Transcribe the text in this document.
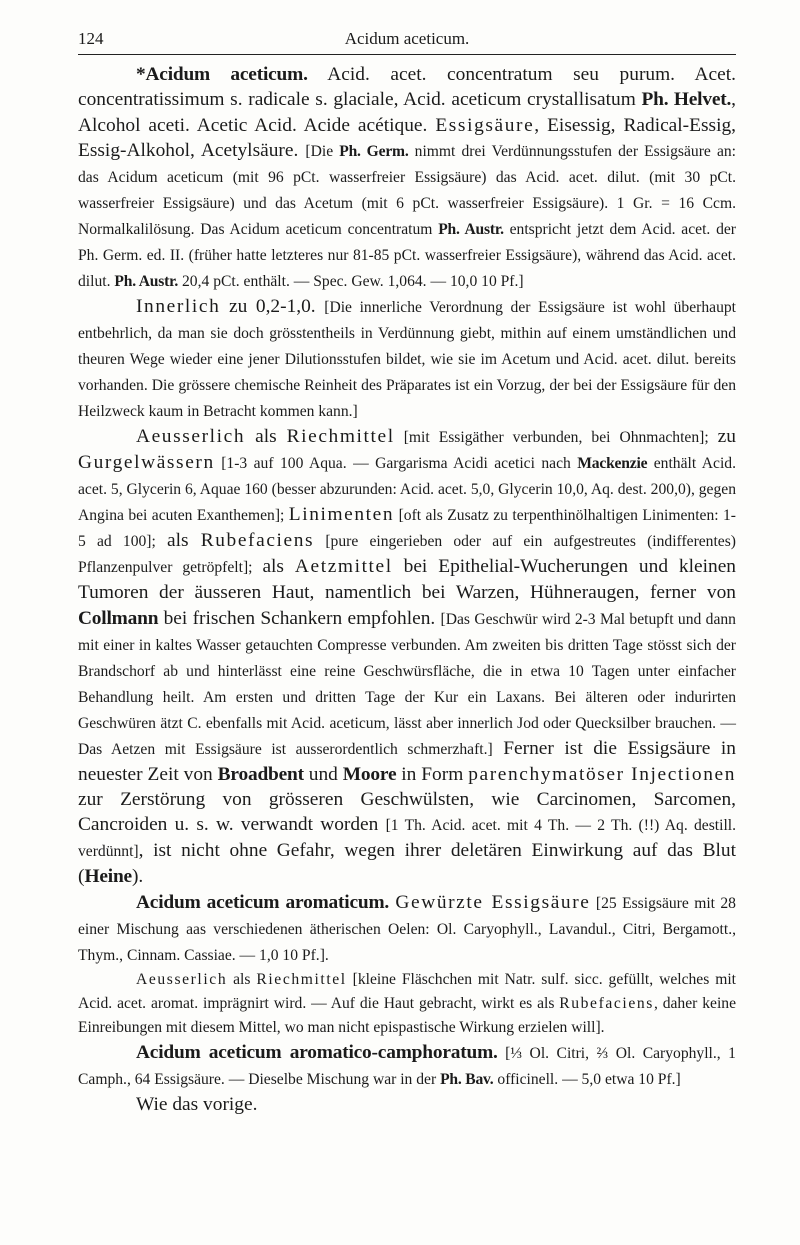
124	Acidum aceticum.

*Acidum aceticum. Acid. acet. concentratum seu purum. Acet. concentratissimum s. radicale s. glaciale, Acid. aceticum crystallisatum Ph. Helvet., Alcohol aceti. Acetic Acid. Acide acétique. Essigsäure, Eisessig, Radical-Essig, Essig-Alkohol, Acetylsäure. [Die Ph. Germ. nimmt drei Verdünnungsstufen der Essigsäure an: das Acidum aceticum (mit 96 pCt. wasserfreier Essigsäure) das Acid. acet. dilut. (mit 30 pCt. wasserfreier Essigsäure) und das Acetum (mit 6 pCt. wasserfreier Essigsäure). 1 Gr. = 16 Ccm. Normalkalilösung. Das Acidum aceticum concentratum Ph. Austr. entspricht jetzt dem Acid. acet. der Ph. Germ. ed. II. (früher hatte letzteres nur 81-85 pCt. wasserfreier Essigsäure), während das Acid. acet. dilut. Ph. Austr. 20,4 pCt. enthält. — Spec. Gew. 1,064. — 10,0 10 Pf.]

Innerlich zu 0,2-1,0. [Die innerliche Verordnung der Essigsäure ist wohl überhaupt entbehrlich, da man sie doch grösstentheils in Verdünnung giebt, mithin auf einem umständlichen und theuren Wege wieder eine jener Dilutionsstufen bildet, wie sie im Acetum und Acid. acet. dilut. bereits vorhanden. Die grössere chemische Reinheit des Präparates ist ein Vorzug, der bei der Essigsäure für den Heilzweck kaum in Betracht kommen kann.]

Aeusserlich als Riechmittel [mit Essigäther verbunden, bei Ohnmachten]; zu Gurgelwässern [1-3 auf 100 Aqua. — Gargarisma Acidi acetici nach Mackenzie enthält Acid. acet. 5, Glycerin 6, Aquae 160 (besser abzurunden: Acid. acet. 5,0, Glycerin 10,0, Aq. dest. 200,0), gegen Angina bei acuten Exanthemen]; Linimenten [oft als Zusatz zu terpenthinölhaltigen Linimenten: 1-5 ad 100]; als Rubefaciens [pure eingerieben oder auf ein aufgestreutes (indifferentes) Pflanzenpulver getröpfelt]; als Aetzmittel bei Epithelial-Wucherungen und kleinen Tumoren der äusseren Haut, namentlich bei Warzen, Hühneraugen, ferner von Collmann bei frischen Schankern empfohlen. [Das Geschwür wird 2-3 Mal betupft und dann mit einer in kaltes Wasser getauchten Compresse verbunden. Am zweiten bis dritten Tage stösst sich der Brandschorf ab und hinterlässt eine reine Geschwürsfläche, die in etwa 10 Tagen unter einfacher Behandlung heilt. Am ersten und dritten Tage der Kur ein Laxans. Bei älteren oder indurirten Geschwüren ätzt C. ebenfalls mit Acid. aceticum, lässt aber innerlich Jod oder Quecksilber brauchen. — Das Aetzen mit Essigsäure ist ausserordentlich schmerzhaft.] Ferner ist die Essigsäure in neuester Zeit von Broadbent und Moore in Form parenchymatöser Injectionen zur Zerstörung von grösseren Geschwülsten, wie Carcinomen, Sarcomen, Cancroiden u. s. w. verwandt worden [1 Th. Acid. acet. mit 4 Th. — 2 Th. (!!) Aq. destill. verdünnt], ist nicht ohne Gefahr, wegen ihrer deletären Einwirkung auf das Blut (Heine).

Acidum aceticum aromaticum. Gewürzte Essigsäure [25 Essigsäure mit 28 einer Mischung aas verschiedenen ätherischen Oelen: Ol. Caryophyll., Lavandul., Citri, Bergamott., Thym., Cinnam. Cassiae. — 1,0 10 Pf.].

Aeusserlich als Riechmittel [kleine Fläschchen mit Natr. sulf. sicc. gefüllt, welches mit Acid. acet. aromat. imprägnirt wird. — Auf die Haut gebracht, wirkt es als Rubefaciens, daher keine Einreibungen mit diesem Mittel, wo man nicht epispastische Wirkung erzielen will].

Acidum aceticum aromatico-camphoratum. [⅓ Ol. Citri, ⅔ Ol. Caryophyll., 1 Camph., 64 Essigsäure. — Dieselbe Mischung war in der Ph. Bav. officinell. — 5,0 etwa 10 Pf.]

Wie das vorige.
